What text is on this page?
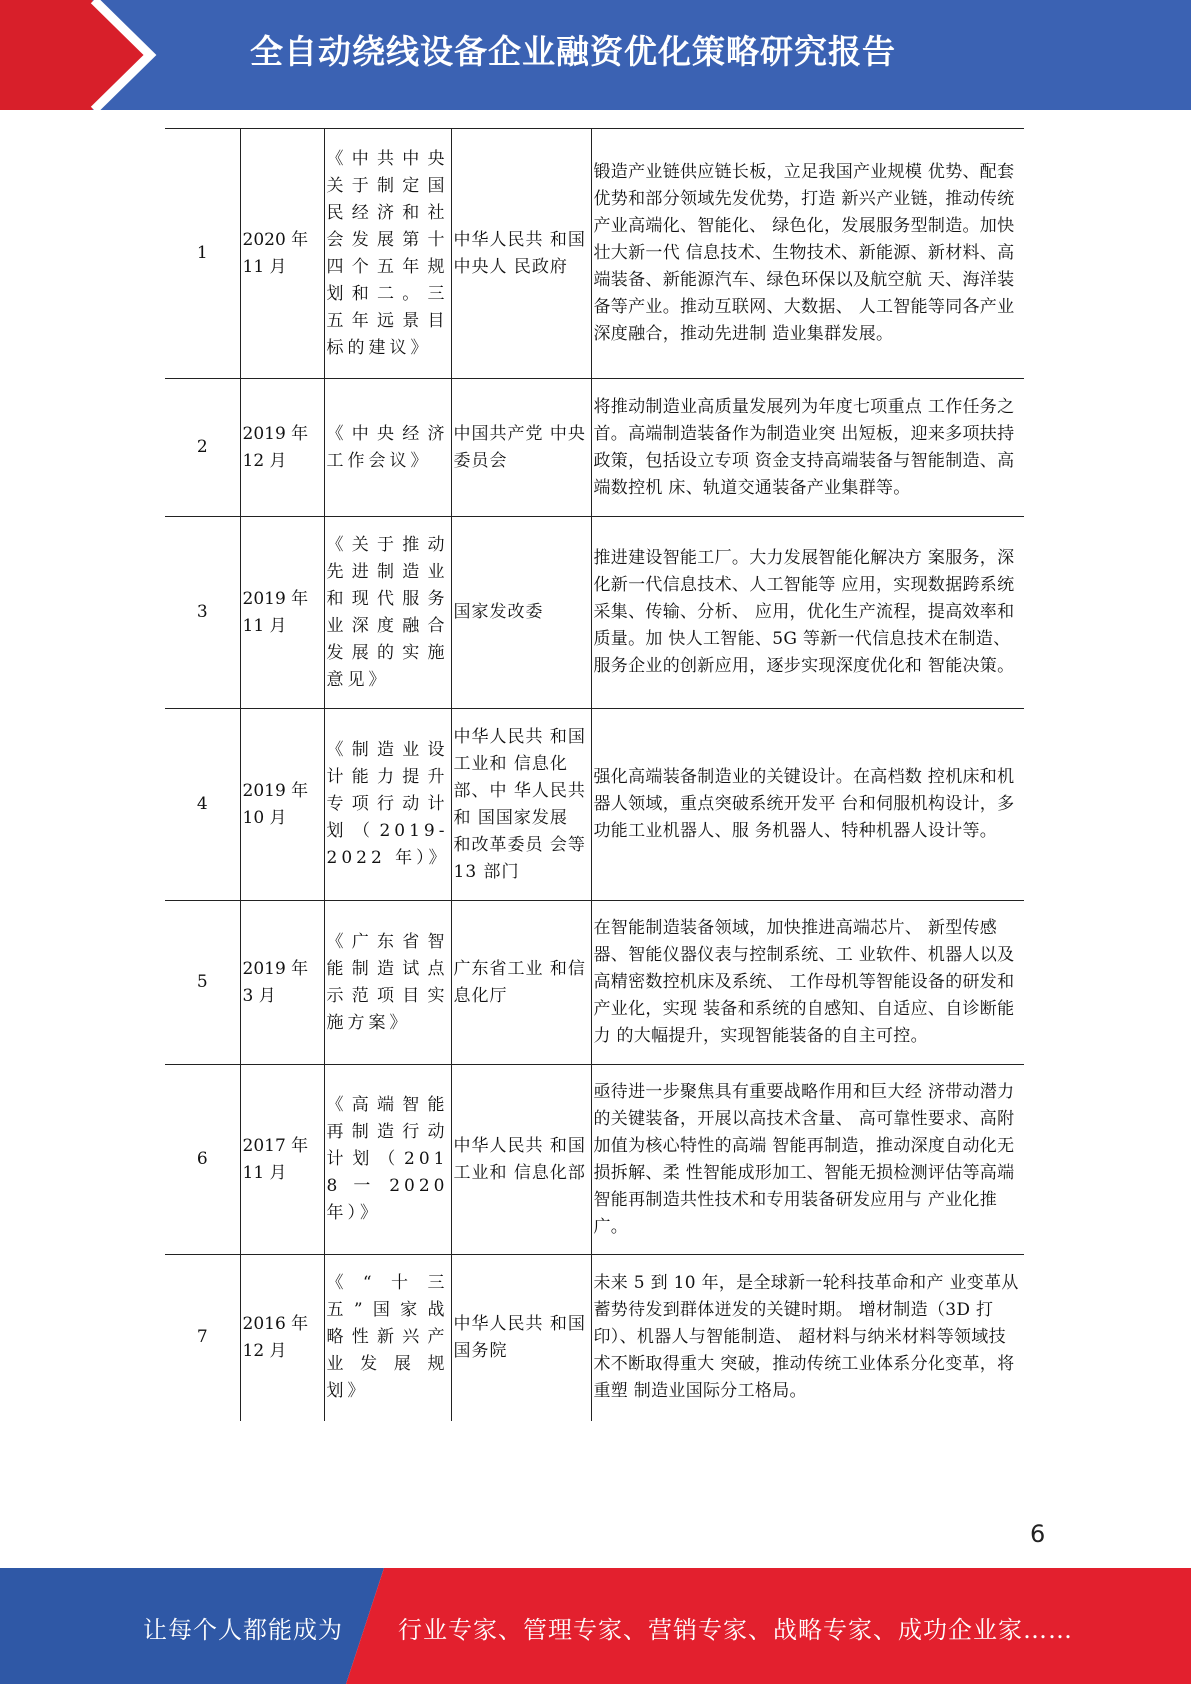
全自动绕线设备企业融资优化策略研究报告
1	2020 年 11 月	《中共中央关于制定国民经济和社会发展第十四个五年规划和二。三五年远景目标的建议》	中华人民共 和国中央人 民政府	锻造产业链供应链长板，立足我国产业规模 优势、配套优势和部分领域先发优势，打造 新兴产业链，推动传统产业高端化、智能化、 绿色化，发展服务型制造。加快壮大新一代 信息技术、生物技术、新能源、新材料、高 端装备、新能源汽车、绿色环保以及航空航 天、海洋装备等产业。推动互联网、大数据、 人工智能等同各产业深度融合，推动先进制 造业集群发展。
2	2019 年 12 月	《中央经济工作会议》	中国共产党 中央委员会	将推动制造业高质量发展列为年度七项重点 工作任务之首。高端制造装备作为制造业突 出短板，迎来多项扶持政策，包括设立专项 资金支持高端装备与智能制造、高端数控机 床、轨道交通装备产业集群等。
3	2019 年 11 月	《关于推动先进制造业和现代服务业深度融合发展的实施意见》	国家发改委	推进建设智能工厂。大力发展智能化解决方 案服务，深化新一代信息技术、人工智能等 应用，实现数据跨系统采集、传输、分析、 应用，优化生产流程，提高效率和质量。加 快人工智能、5G 等新一代信息技术在制造、 服务企业的创新应用，逐步实现深度优化和 智能决策。
4	2019 年 10 月	《制造业设计能力提升专项行动计划（2019-2022 年）》	中华人民共 和国工业和 信息化部、中 华人民共和 国国家发展 和改革委员 会等 13 部门	强化高端装备制造业的关键设计。在高档数 控机床和机器人领域，重点突破系统开发平 台和伺服机构设计，多功能工业机器人、服 务机器人、特种机器人设计等。
5	2019 年 3 月	《广东省智能制造试点示范项目实施方案》	广东省工业 和信息化厅	在智能制造装备领域，加快推进高端芯片、 新型传感器、智能仪器仪表与控制系统、工 业软件、机器人以及高精密数控机床及系统、 工作母机等智能设备的研发和产业化，实现 装备和系统的自感知、自适应、自诊断能力 的大幅提升，实现智能装备的自主可控。
6	2017 年 11 月	《高端智能再制造行动计划（2018 一 2020 年）》	中华人民共 和国工业和 信息化部	亟待进一步聚焦具有重要战略作用和巨大经 济带动潜力的关键装备，开展以高技术含量、 高可靠性要求、高附加值为核心特性的高端 智能再制造，推动深度自动化无损拆解、柔 性智能成形加工、智能无损检测评估等高端 智能再制造共性技术和专用装备研发应用与 产业化推广。
7	2016 年 12 月	《“十三五”国家战 略性新兴产 业发展规 划》	中华人民共 和国国务院	未来 5 到 10 年，是全球新一轮科技革命和产 业变革从蓄势待发到群体迸发的关键时期。 增材制造（3D 打印）、机器人与智能制造、 超材料与纳米材料等领域技术不断取得重大 突破，推动传统工业体系分化变革，将重塑 制造业国际分工格局。
6
让每个人都能成为 行业专家、管理专家、营销专家、战略专家、成功企业家……
